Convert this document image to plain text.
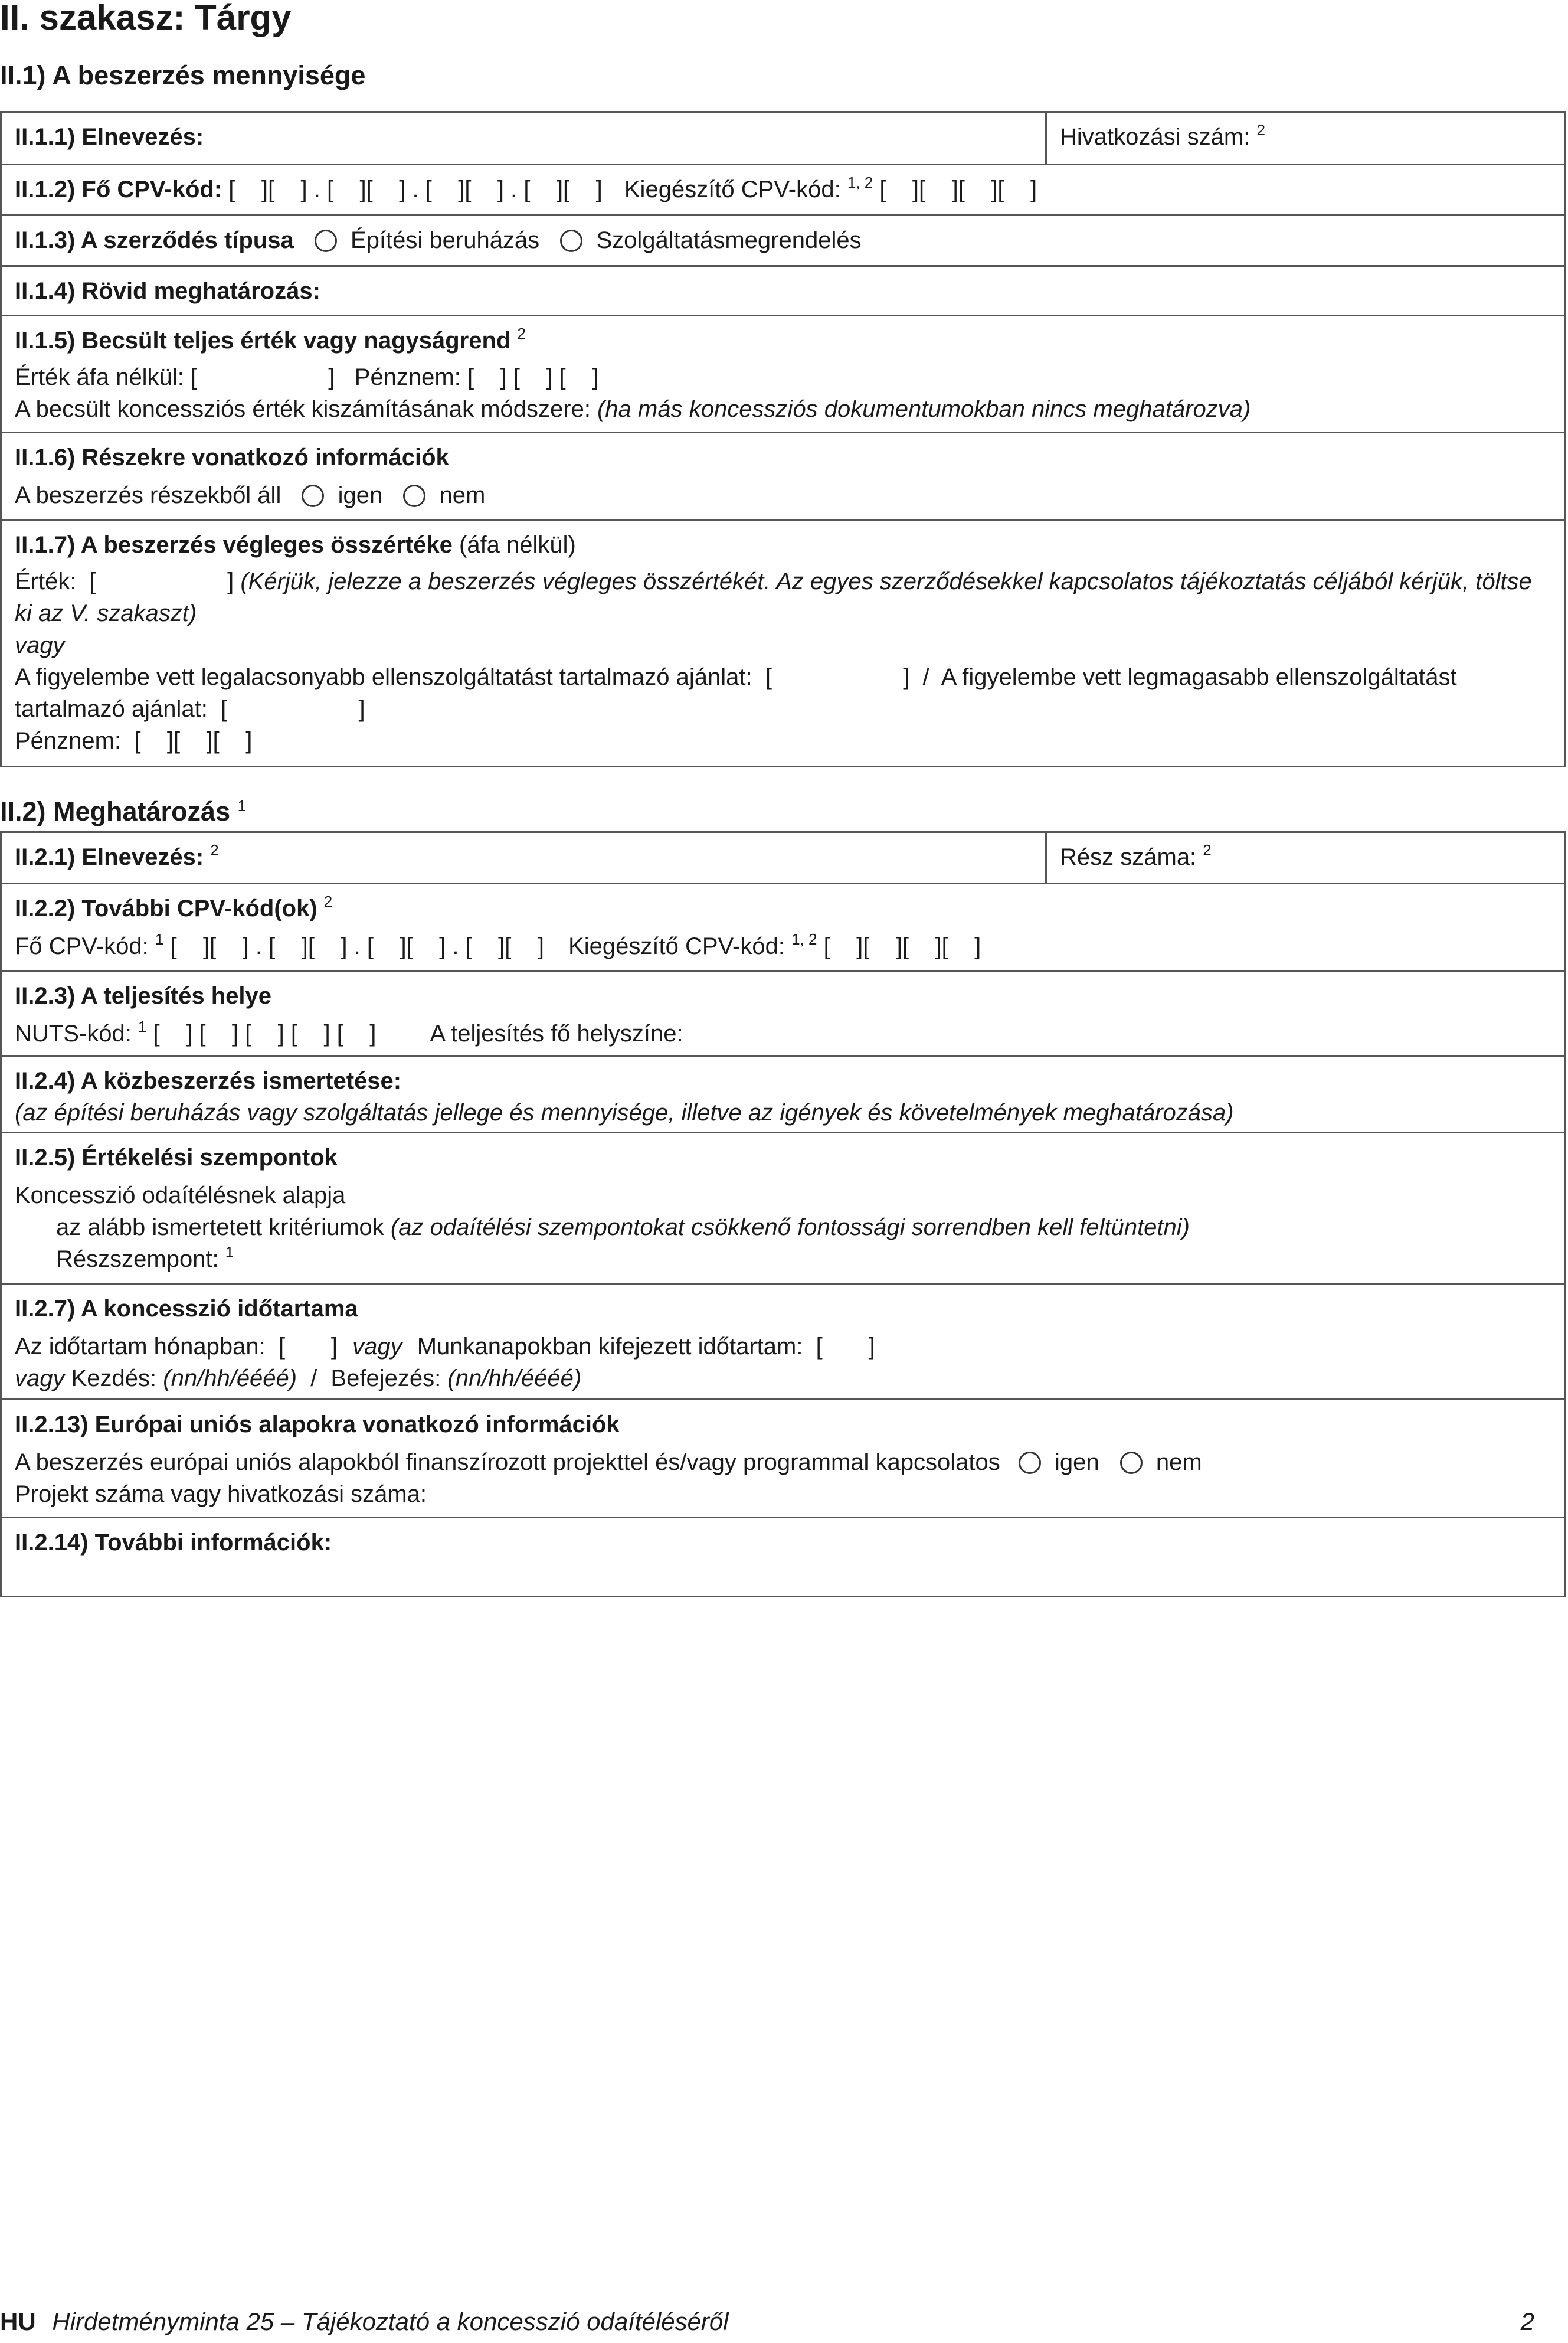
II. szakasz: Tárgy
II.1) A beszerzés mennyisége
II.1.1) Elnevezés:	Hivatkozási szám: $^2$
II.1.2) Fő CPV-kód: [    ][    ] . [    ][    ] . [    ][    ] . [    ][    ] Kiegészítő CPV-kód: $^{1, 2}$ [    ][    ][    ][    ]
II.1.3) A szerződés típusa Építési beruházás Szolgáltatásmegrendelés
II.1.4) Rövid meghatározás:
II.1.5) Becsült teljes érték vagy nagyságrend $^2$
Érték áfa nélkül: [                    ]   Pénznem: [    ] [    ] [    ]
A becsült koncessziós érték kiszámításának módszere: (ha más koncessziós dokumentumokban nincs meghatározva)
II.1.6) Részekre vonatkozó információk
A beszerzés részekből áll igen nem
II.1.7) A beszerzés végleges összértéke (áfa nélkül)
Érték:  [                    ] (Kérjük, jelezze a beszerzés végleges összértékét. Az egyes szerződésekkel kapcsolatos tájékoztatás céljából kérjük, töltse ki az V. szakaszt)
vagy
A figyelembe vett legalacsonyabb ellenszolgáltatást tartalmazó ajánlat:  [                    ]  /  A figyelembe vett legmagasabb ellenszolgáltatást tartalmazó ajánlat:  [                    ]
Pénznem:  [    ][    ][    ]
II.2) Meghatározás $^1$
II.2.1) Elnevezés: $^2$	Rész száma: $^2$
II.2.2) További CPV-kód(ok) $^2$
Fő CPV-kód: $^1$ [    ][    ] . [    ][    ] . [    ][    ] . [    ][    ] Kiegészítő CPV-kód: $^{1, 2}$ [    ][    ][    ][    ]
II.2.3) A teljesítés helye
NUTS-kód: $^1$ [    ] [    ] [    ] [    ] [    ] A teljesítés fő helyszíne:
II.2.4) A közbeszerzés ismertetése:
(az építési beruházás vagy szolgáltatás jellege és mennyisége, illetve az igények és követelmények meghatározása)
II.2.5) Értékelési szempontok
Koncesszió odaítélésnek alapja
az alább ismertetett kritériumok (az odaítélési szempontokat csökkenő fontossági sorrendben kell feltüntetni)
Részszempont: $^1$
II.2.7) A koncesszió időtartama
Az időtartam hónapban:  [       ] vagy Munkanapokban kifejezett időtartam:  [       ]
vagy Kezdés: (nn/hh/éééé) / Befejezés: (nn/hh/éééé)
II.2.13) Európai uniós alapokra vonatkozó információk
A beszerzés európai uniós alapokból finanszírozott projekttel és/vagy programmal kapcsolatos igen nem
Projekt száma vagy hivatkozási száma:
II.2.14) További információk:
HU Hirdetményminta 25 – Tájékoztató a koncesszió odaítéléséről	2
